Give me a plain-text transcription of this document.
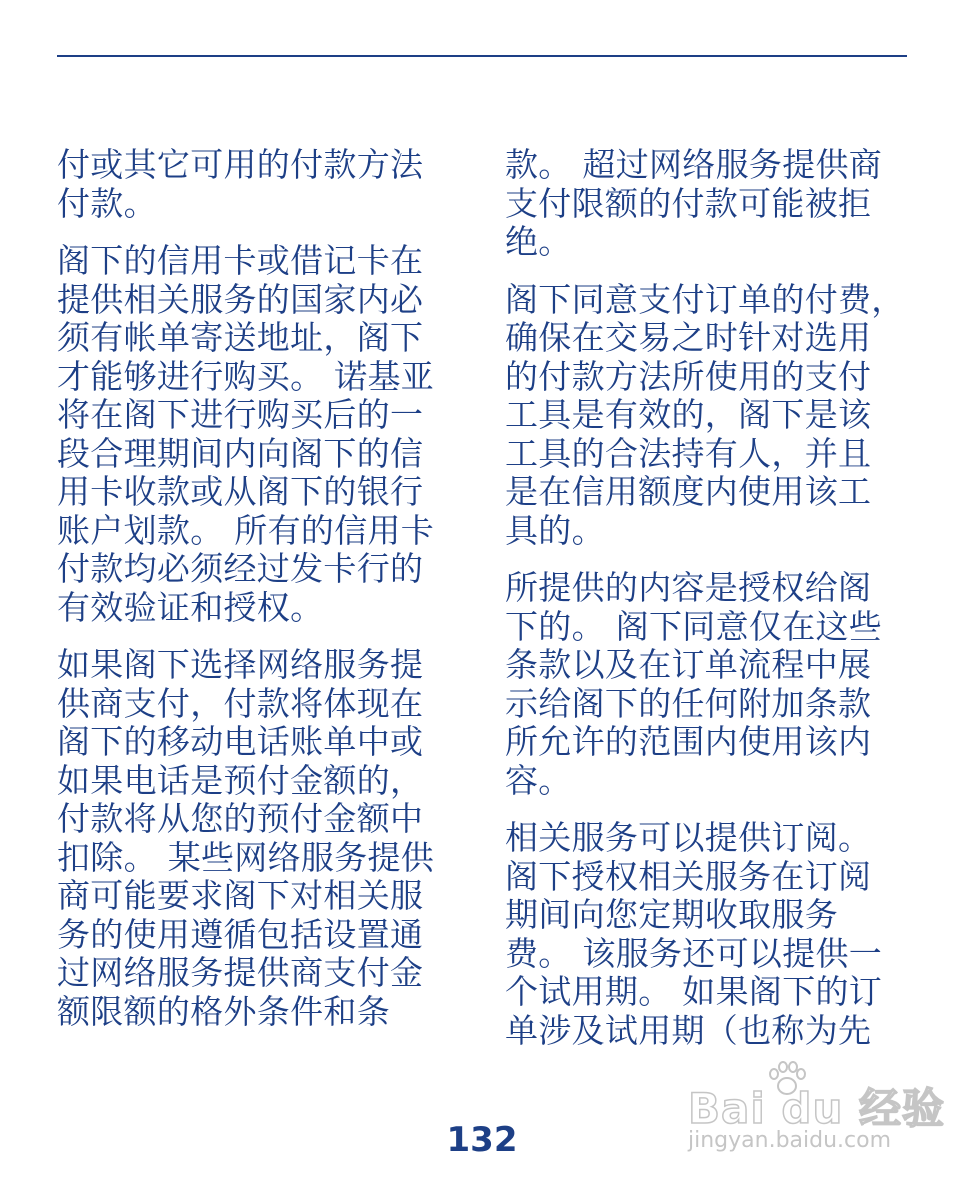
付或其它可用的付款方法
付款。

阁下的信用卡或借记卡在
提供相关服务的国家内必
须有帐单寄送地址，阁下
才能够进行购买。 诺基亚
将在阁下进行购买后的一
段合理期间内向阁下的信
用卡收款或从阁下的银行
账户划款。 所有的信用卡
付款均必须经过发卡行的
有效验证和授权。

如果阁下选择网络服务提
供商支付，付款将体现在
阁下的移动电话账单中或
如果电话是预付金额的，
付款将从您的预付金额中
扣除。 某些网络服务提供
商可能要求阁下对相关服
务的使用遵循包括设置通
过网络服务提供商支付金
额限额的格外条件和条

款。 超过网络服务提供商
支付限额的付款可能被拒
绝。

阁下同意支付订单的付费，
确保在交易之时针对选用
的付款方法所使用的支付
工具是有效的，阁下是该
工具的合法持有人，并且
是在信用额度内使用该工
具的。

所提供的内容是授权给阁
下的。 阁下同意仅在这些
条款以及在订单流程中展
示给阁下的任何附加条款
所允许的范围内使用该内
容。

相关服务可以提供订阅。
阁下授权相关服务在订阅
期间向您定期收取服务
费。 该服务还可以提供一
个试用期。 如果阁下的订
单涉及试用期（也称为先

132
Bai du 经验
jingyan.baidu.com
